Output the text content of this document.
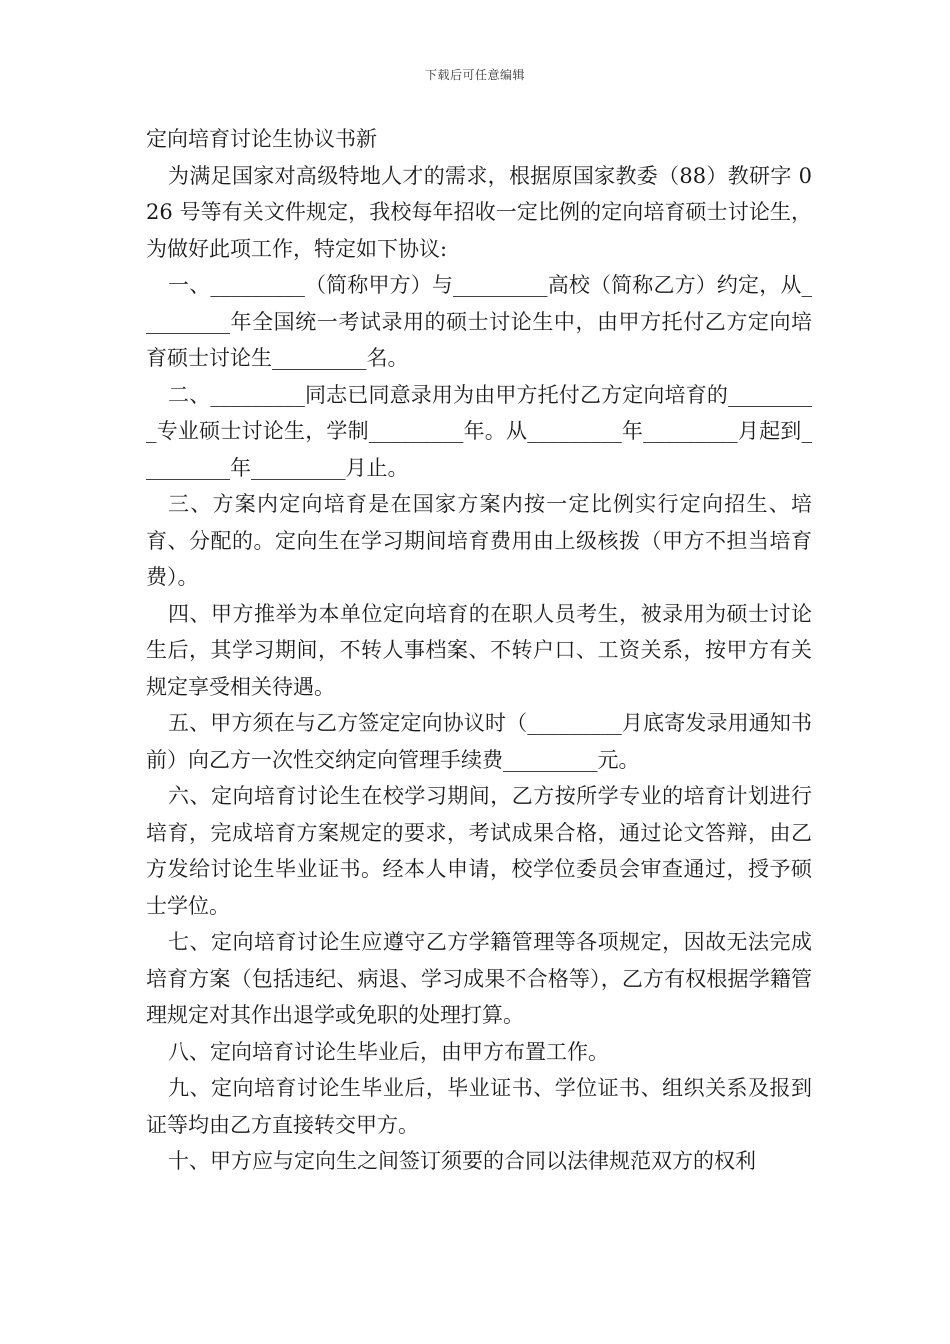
下载后可任意编辑
定向培育讨论生协议书新

为满足国家对高级特地人才的需求，根据原国家教委（88）教研字 026 号等有关文件规定，我校每年招收一定比例的定向培育硕士讨论生，为做好此项工作，特定如下协议:

一、_________（简称甲方）与_________高校（简称乙方）约定，从_________年全国统一考试录用的硕士讨论生中，由甲方托付乙方定向培育硕士讨论生_________名。

二、_________同志已同意录用为由甲方托付乙方定向培育的_________专业硕士讨论生，学制_________年。从_________年_________月起到_________年_________月止。

三、方案内定向培育是在国家方案内按一定比例实行定向招生、培育、分配的。定向生在学习期间培育费用由上级核拨（甲方不担当培育费）。

四、甲方推举为本单位定向培育的在职人员考生，被录用为硕士讨论生后，其学习期间，不转人事档案、不转户口、工资关系，按甲方有关规定享受相关待遇。

五、甲方须在与乙方签定定向协议时（_________月底寄发录用通知书前）向乙方一次性交纳定向管理手续费_________元。

六、定向培育讨论生在校学习期间，乙方按所学专业的培育计划进行培育，完成培育方案规定的要求，考试成果合格，通过论文答辩，由乙方发给讨论生毕业证书。经本人申请，校学位委员会审查通过，授予硕士学位。

七、定向培育讨论生应遵守乙方学籍管理等各项规定，因故无法完成培育方案（包括违纪、病退、学习成果不合格等），乙方有权根据学籍管理规定对其作出退学或免职的处理打算。

八、定向培育讨论生毕业后，由甲方布置工作。

九、定向培育讨论生毕业后，毕业证书、学位证书、组织关系及报到证等均由乙方直接转交甲方。

十、甲方应与定向生之间签订须要的合同以法律规范双方的权利
